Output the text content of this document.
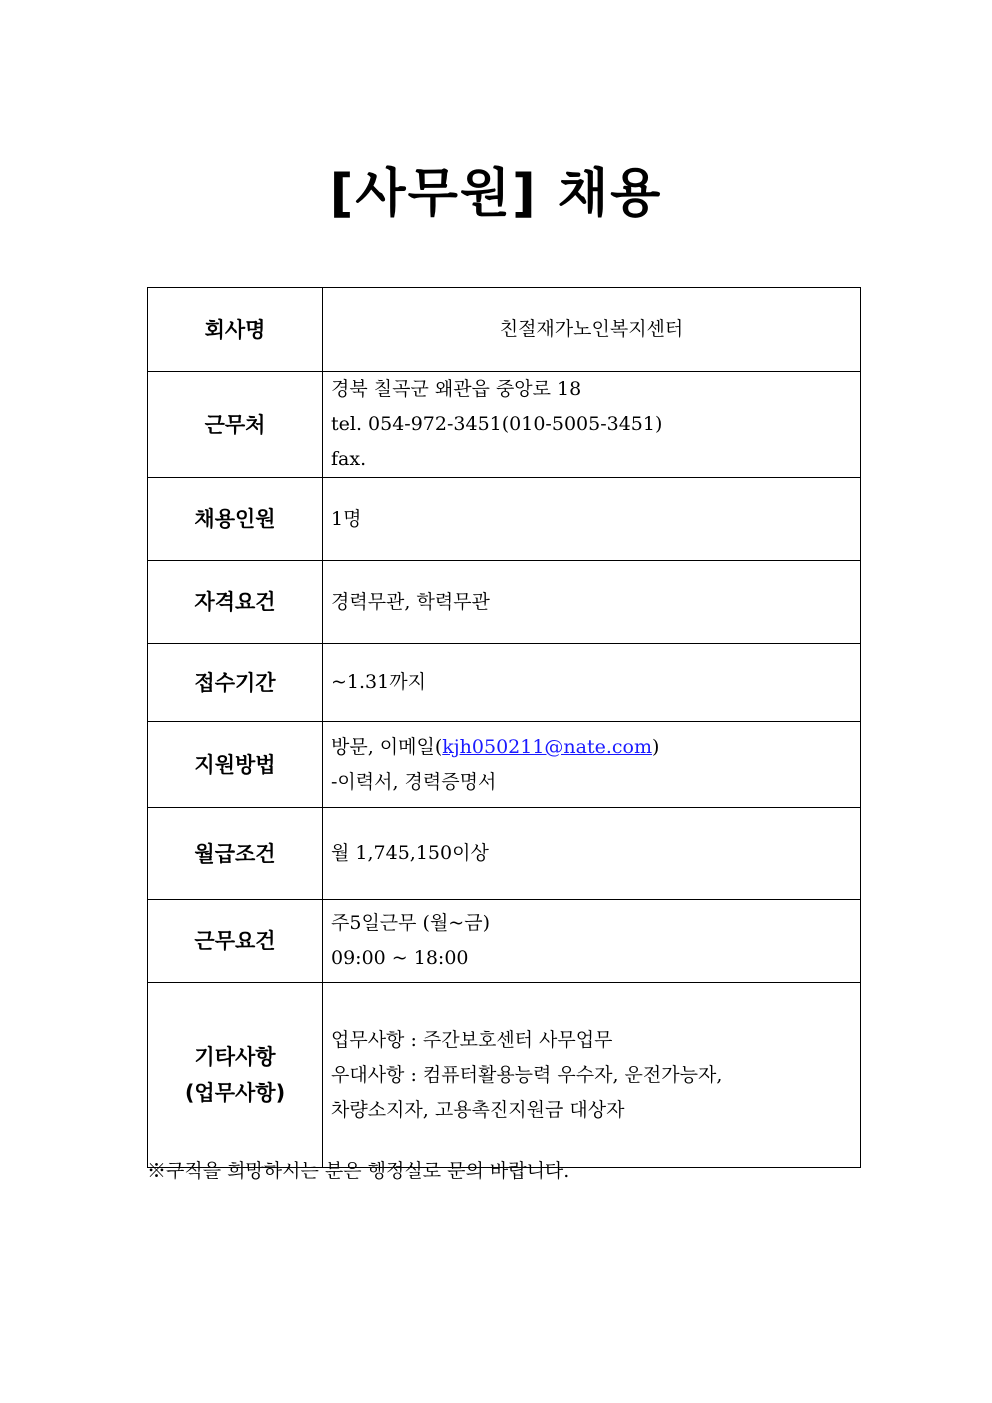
[사무원] 채용
회사명	친절재가노인복지센터

근무처	경북 칠곡군 왜관읍 중앙로 18
tel. 054-972-3451(010-5005-3451)
fax.

채용인원	1명

자격요건	경력무관, 학력무관

접수기간	~1.31까지

지원방법	방문, 이메일(kjh050211@nate.com)
-이력서, 경력증명서

월급조건	월 1,745,150이상

근무요건	주5일근무 (월~금)
09:00 ~ 18:00

기타사항
(업무사항)	업무사항 : 주간보호센터 사무업무
우대사항 : 컴퓨터활용능력 우수자, 운전가능자,
차량소지자, 고용촉진지원금 대상자
※구직을 희망하시는 분은 행정실로 문의 바랍니다.
